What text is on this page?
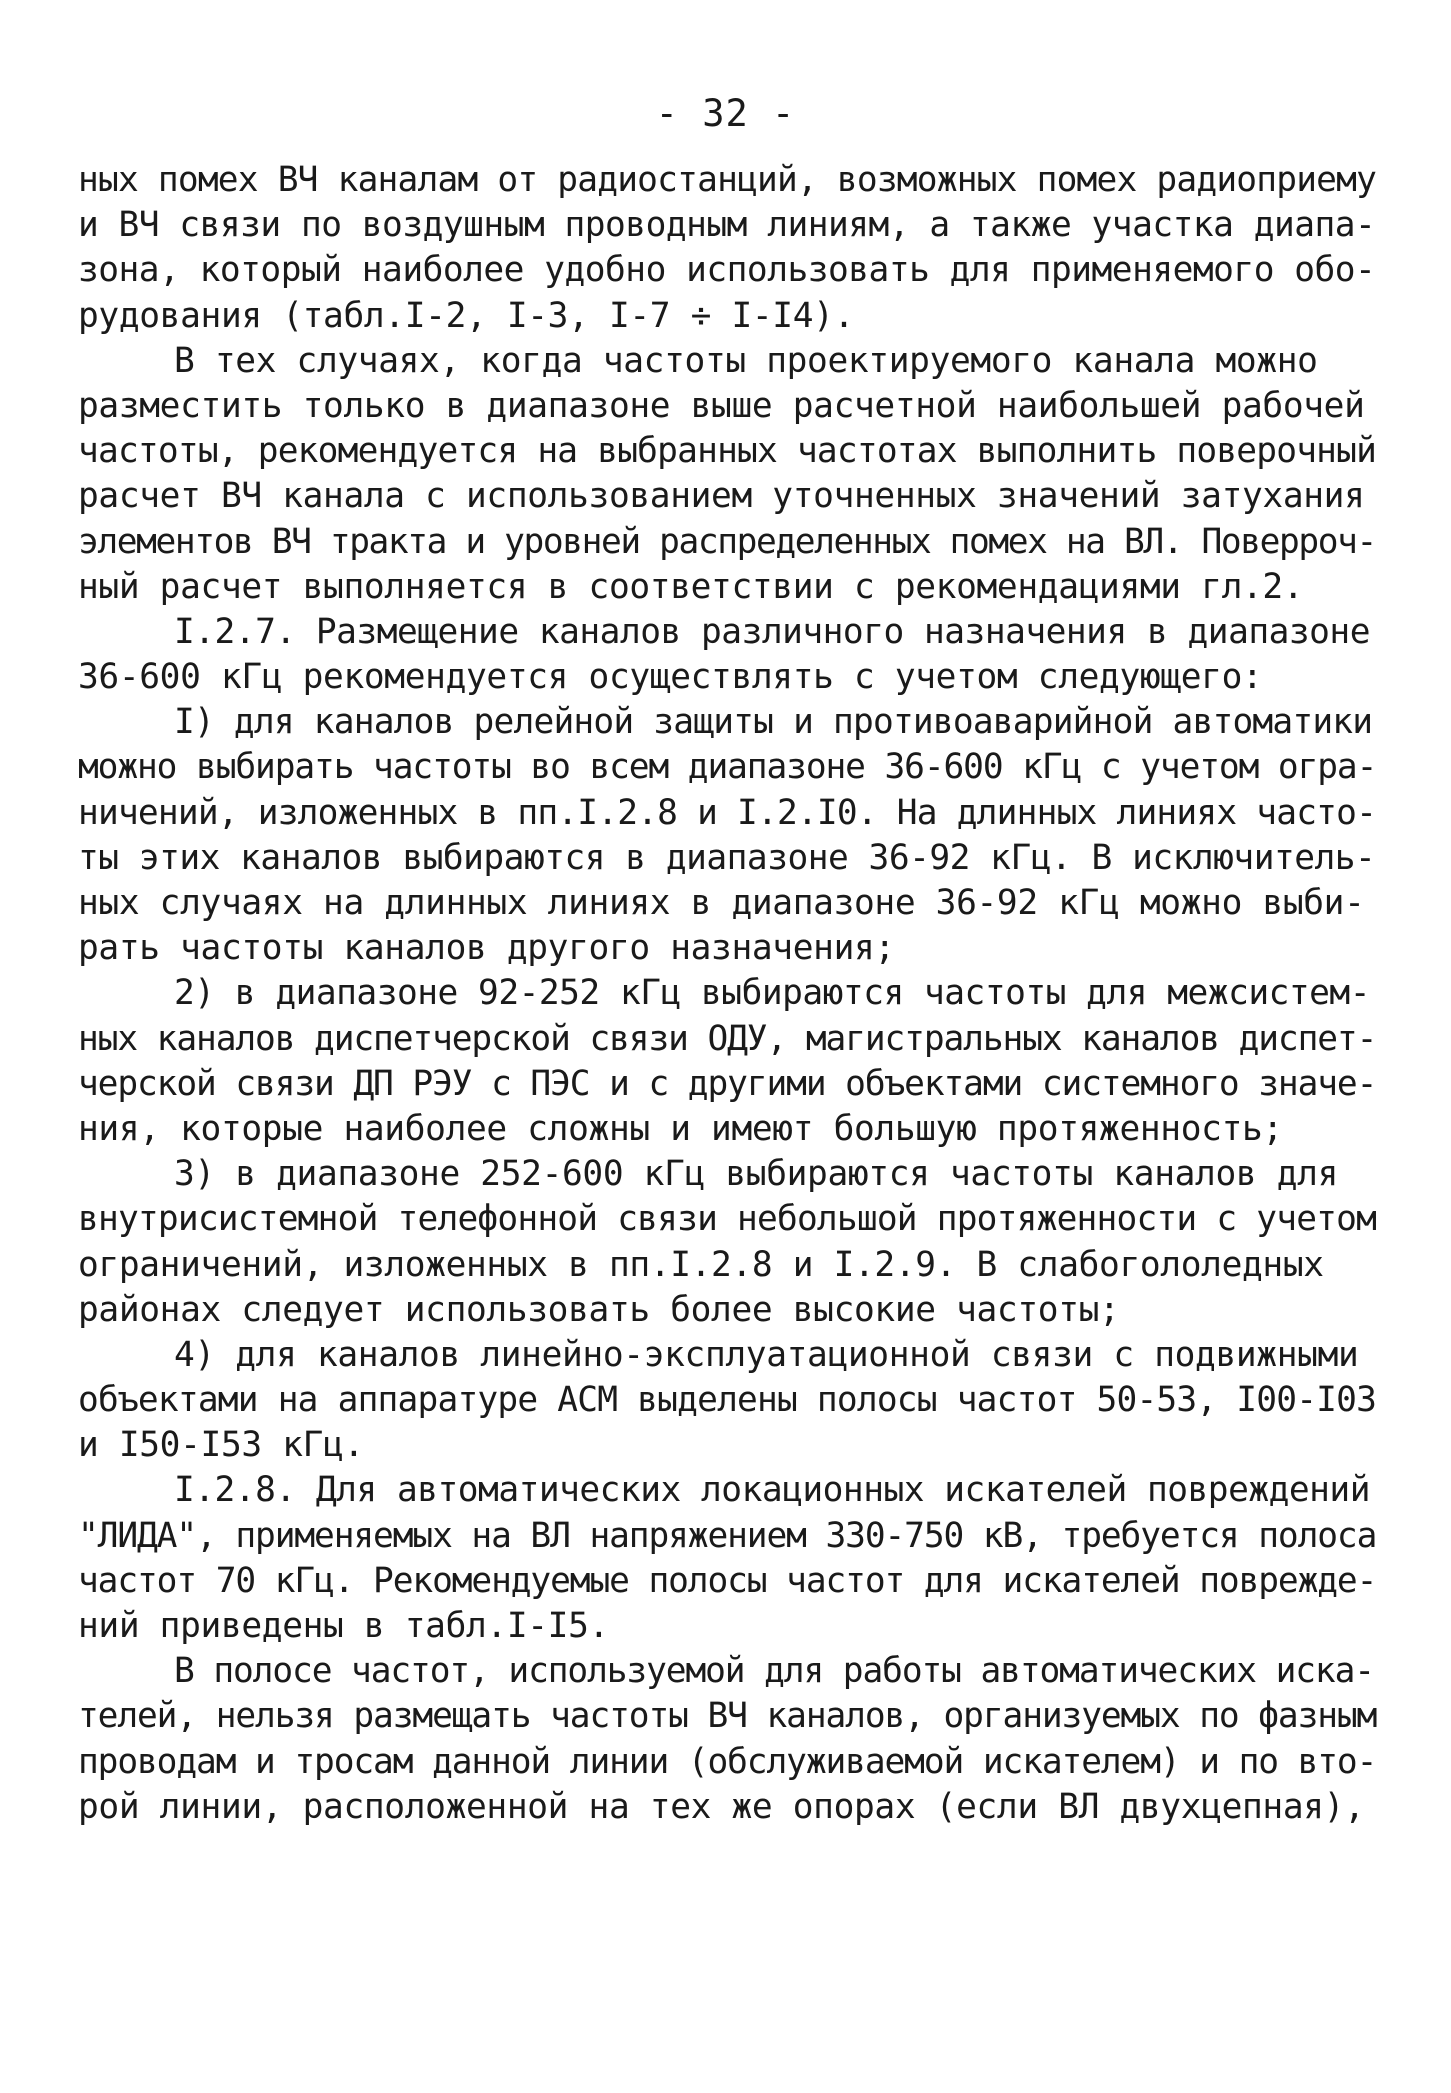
- 32 -
ных помех ВЧ каналам от радиостанций, возможных помех радиоприему
и ВЧ связи по воздушным проводным линиям, а также участка диапа-
зона, который наиболее удобно использовать для применяемого обо-
рудования (табл.I-2, I-3, I-7 ÷ I-I4).
В тех случаях, когда частоты проектируемого канала можно
разместить только в диапазоне выше расчетной наибольшей рабочей
частоты, рекомендуется на выбранных частотах выполнить поверочный
расчет ВЧ канала с использованием уточненных значений затухания
элементов ВЧ тракта и уровней распределенных помех на ВЛ. Поверроч-
ный расчет выполняется в соответствии с рекомендациями гл.2.
I.2.7. Размещение каналов различного назначения в диапазоне
36-600 кГц рекомендуется осуществлять с учетом следующего:
I) для каналов релейной защиты и противоаварийной автоматики
можно выбирать частоты во всем диапазоне 36-600 кГц с учетом огра-
ничений, изложенных в пп.I.2.8 и I.2.I0. На длинных линиях часто-
ты этих каналов выбираются в диапазоне 36-92 кГц. В исключитель-
ных случаях на длинных линиях в диапазоне 36-92 кГц можно выби-
рать частоты каналов другого назначения;
2) в диапазоне 92-252 кГц выбираются частоты для межсистем-
ных каналов диспетчерской связи ОДУ, магистральных каналов диспет-
черской связи ДП РЭУ с ПЭС и с другими объектами системного значе-
ния, которые наиболее сложны и имеют большую протяженность;
3) в диапазоне 252-600 кГц выбираются частоты каналов для
внутрисистемной телефонной связи небольшой протяженности с учетом
ограничений, изложенных в пп.I.2.8 и I.2.9. В слабогололедных
районах следует использовать более высокие частоты;
4) для каналов линейно-эксплуатационной связи с подвижными
объектами на аппаратуре АСМ выделены полосы частот 50-53, I00-I03
и I50-I53 кГц.
I.2.8. Для автоматических локационных искателей повреждений
"ЛИДА", применяемых на ВЛ напряжением 330-750 кВ, требуется полоса
частот 70 кГц. Рекомендуемые полосы частот для искателей поврежде-
ний приведены в табл.I-I5.
В полосе частот, используемой для работы автоматических иска-
телей, нельзя размещать частоты ВЧ каналов, организуемых по фазным
проводам и тросам данной линии (обслуживаемой искателем) и по вто-
рой линии, расположенной на тех же опорах (если ВЛ двухцепная),
